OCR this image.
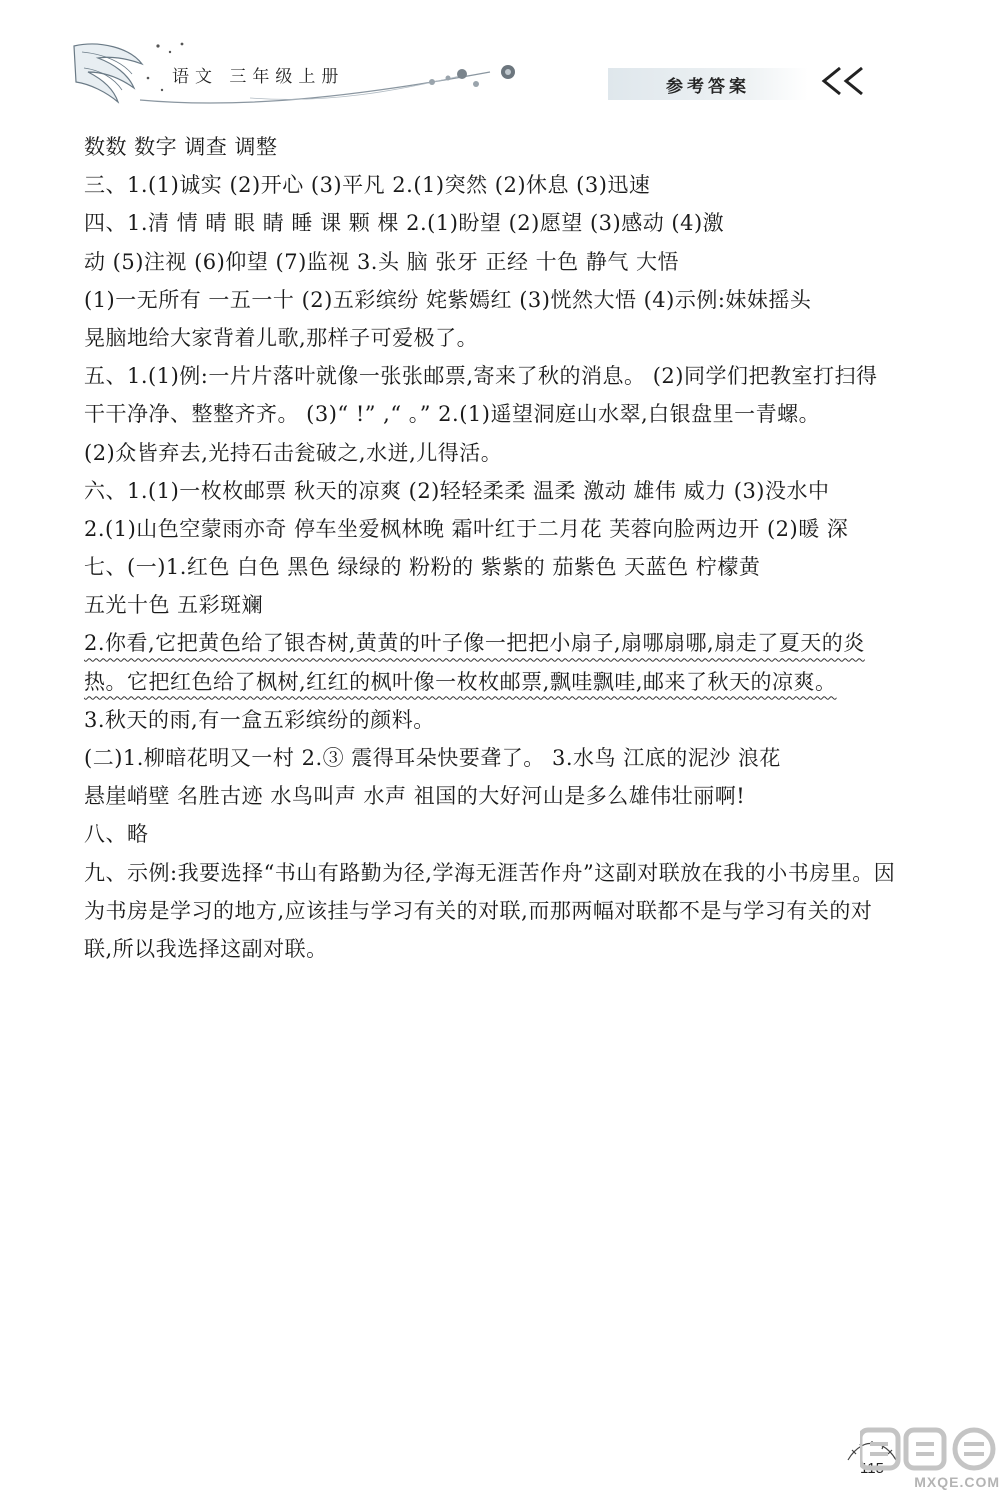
语文 三年级上册	参考答案
数数 数字 调查 调整
三、1.(1)诚实 (2)开心 (3)平凡 2.(1)突然 (2)休息 (3)迅速
四、1.清 情 晴 眼 睛 睡 课 颗 棵 2.(1)盼望 (2)愿望 (3)感动 (4)激
动 (5)注视 (6)仰望 (7)监视 3.头 脑 张牙 正经 十色 静气 大悟
(1)一无所有 一五一十 (2)五彩缤纷 姹紫嫣红 (3)恍然大悟 (4)示例:妹妹摇头
晃脑地给大家背着儿歌,那样子可爱极了。
五、1.(1)例:一片片落叶就像一张张邮票,寄来了秋的消息。 (2)同学们把教室打扫得
干干净净、整整齐齐。 (3)“ !” ,“ 。” 2.(1)遥望洞庭山水翠,白银盘里一青螺。
(2)众皆弃去,光持石击瓮破之,水迸,儿得活。
六、1.(1)一枚枚邮票 秋天的凉爽 (2)轻轻柔柔 温柔 激动 雄伟 威力 (3)没水中
2.(1)山色空蒙雨亦奇 停车坐爱枫林晚 霜叶红于二月花 芙蓉向脸两边开 (2)暖 深
七、(一)1.红色 白色 黑色 绿绿的 粉粉的 紫紫的 茄紫色 天蓝色 柠檬黄
五光十色 五彩斑斓
2.你看,它把黄色给了银杏树,黄黄的叶子像一把把小扇子,扇哪扇哪,扇走了夏天的炎
热。它把红色给了枫树,红红的枫叶像一枚枚邮票,飘哇飘哇,邮来了秋天的凉爽。
3.秋天的雨,有一盒五彩缤纷的颜料。
(二)1.柳暗花明又一村 2.③ 震得耳朵快要聋了。 3.水鸟 江底的泥沙 浪花
悬崖峭壁 名胜古迹 水鸟叫声 水声 祖国的大好河山是多么雄伟壮丽啊!
八、略
九、示例:我要选择“书山有路勤为径,学海无涯苦作舟”这副对联放在我的小书房里。因
为书房是学习的地方,应该挂与学习有关的对联,而那两幅对联都不是与学习有关的对
联,所以我选择这副对联。
115
MXQE.COM
